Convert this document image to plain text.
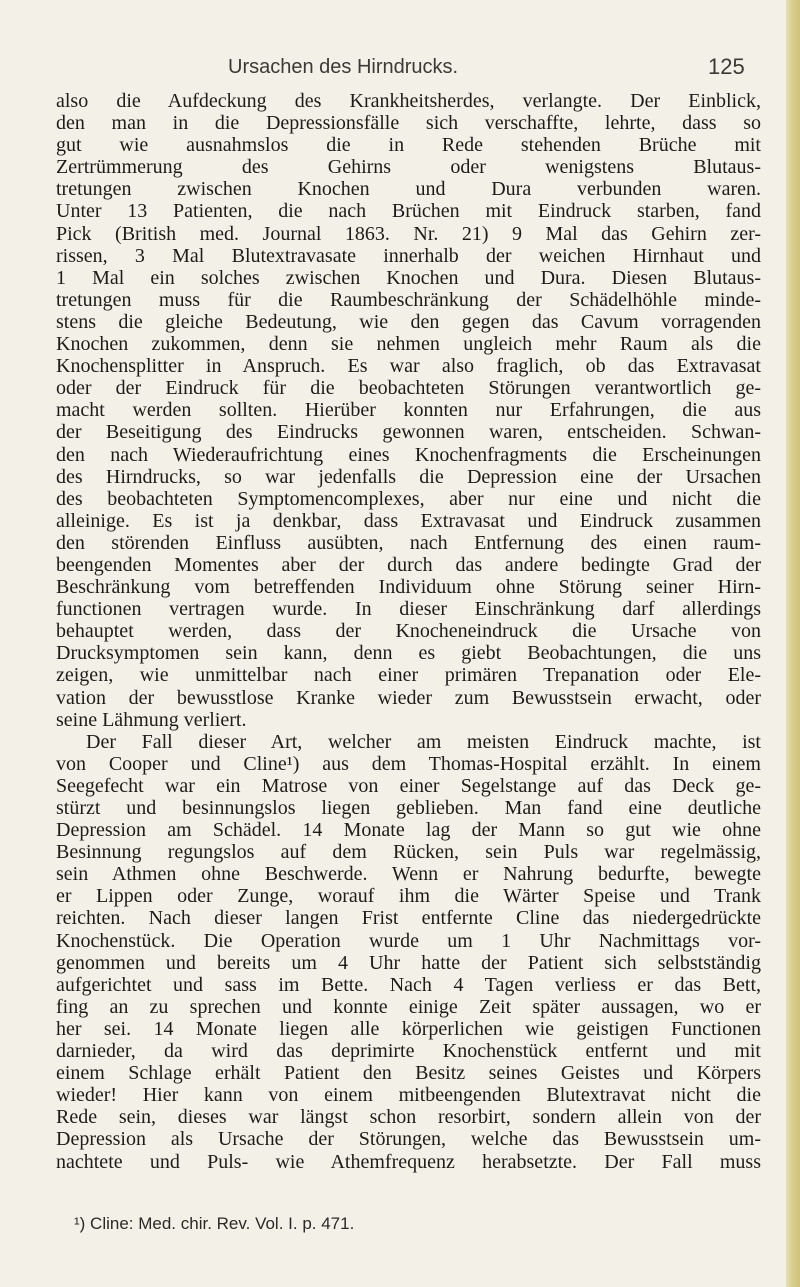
Ursachen des Hirndrucks.	125
also die Aufdeckung des Krankheitsherdes, verlangte. Der Einblick,
den man in die Depressionsfälle sich verschaffte, lehrte, dass so
gut wie ausnahmslos die in Rede stehenden Brüche mit
Zertrümmerung des Gehirns oder wenigstens Blutaus-
tretungen zwischen Knochen und Dura verbunden waren.
Unter 13 Patienten, die nach Brüchen mit Eindruck starben, fand
Pick (British med. Journal 1863. Nr. 21) 9 Mal das Gehirn zer-
rissen, 3 Mal Blutextravasate innerhalb der weichen Hirnhaut und
1 Mal ein solches zwischen Knochen und Dura. Diesen Blutaus-
tretungen muss für die Raumbeschränkung der Schädelhöhle minde-
stens die gleiche Bedeutung, wie den gegen das Cavum vorragenden
Knochen zukommen, denn sie nehmen ungleich mehr Raum als die
Knochensplitter in Anspruch. Es war also fraglich, ob das Extravasat
oder der Eindruck für die beobachteten Störungen verantwortlich ge-
macht werden sollten. Hierüber konnten nur Erfahrungen, die aus
der Beseitigung des Eindrucks gewonnen waren, entscheiden. Schwan-
den nach Wiederaufrichtung eines Knochenfragments die Erscheinungen
des Hirndrucks, so war jedenfalls die Depression eine der Ursachen
des beobachteten Symptomencomplexes, aber nur eine und nicht die
alleinige. Es ist ja denkbar, dass Extravasat und Eindruck zusammen
den störenden Einfluss ausübten, nach Entfernung des einen raum-
beengenden Momentes aber der durch das andere bedingte Grad der
Beschränkung vom betreffenden Individuum ohne Störung seiner Hirn-
functionen vertragen wurde. In dieser Einschränkung darf allerdings
behauptet werden, dass der Knocheneindruck die Ursache von
Drucksymptomen sein kann, denn es giebt Beobachtungen, die uns
zeigen, wie unmittelbar nach einer primären Trepanation oder Ele-
vation der bewusstlose Kranke wieder zum Bewusstsein erwacht, oder
seine Lähmung verliert.
Der Fall dieser Art, welcher am meisten Eindruck machte, ist
von Cooper und Cline¹) aus dem Thomas-Hospital erzählt. In einem
Seegefecht war ein Matrose von einer Segelstange auf das Deck ge-
stürzt und besinnungslos liegen geblieben. Man fand eine deutliche
Depression am Schädel. 14 Monate lag der Mann so gut wie ohne
Besinnung regungslos auf dem Rücken, sein Puls war regelmässig,
sein Athmen ohne Beschwerde. Wenn er Nahrung bedurfte, bewegte
er Lippen oder Zunge, worauf ihm die Wärter Speise und Trank
reichten. Nach dieser langen Frist entfernte Cline das niedergedrückte
Knochenstück. Die Operation wurde um 1 Uhr Nachmittags vor-
genommen und bereits um 4 Uhr hatte der Patient sich selbstständig
aufgerichtet und sass im Bette. Nach 4 Tagen verliess er das Bett,
fing an zu sprechen und konnte einige Zeit später aussagen, wo er
her sei. 14 Monate liegen alle körperlichen wie geistigen Functionen
darnieder, da wird das deprimirte Knochenstück entfernt und mit
einem Schlage erhält Patient den Besitz seines Geistes und Körpers
wieder! Hier kann von einem mitbeengenden Blutextravat nicht die
Rede sein, dieses war längst schon resorbirt, sondern allein von der
Depression als Ursache der Störungen, welche das Bewusstsein um-
nachtete und Puls- wie Athemfrequenz herabsetzte. Der Fall muss
¹) Cline: Med. chir. Rev. Vol. I. p. 471.
